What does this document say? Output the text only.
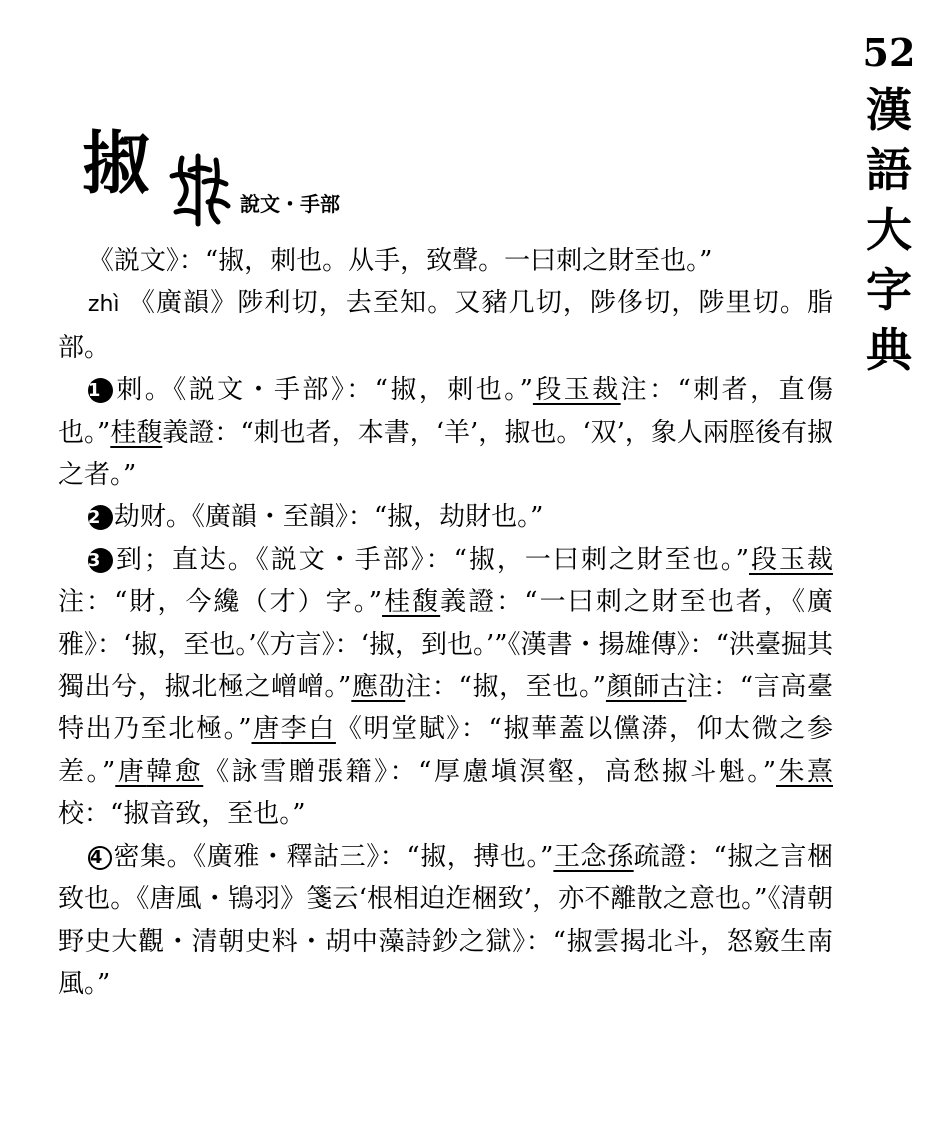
52
漢
語
大
字
典
掓	說文・手部

《説文》：“掓，刺也。从手，致聲。一曰刺之財至也。”

zhì 《廣韻》陟利切，去至知。又豬几切，陟侈切，陟里切。脂部。

1 刺。《説文・手部》：“掓，刺也。”段玉裁注：“刺者，直傷也。”桂馥義證：“刺也者，本書，‘羊’，掓也。‘双’，象人兩脛後有掓之者。”

2 劫财。《廣韻・至韻》：“掓，劫財也。”

3 到；直达。《説文・手部》：“掓，一曰刺之財至也。”段玉裁注：“財，今纔（才）字。”桂馥義證：“一曰刺之財至也者，《廣雅》：‘掓，至也。’《方言》：‘掓，到也。’”《漢書・揚雄傳》：“洪臺掘其獨出兮，掓北極之嶒嶒。”應劭注：“掓，至也。”顏師古注：“言高臺特出乃至北極。”唐李白《明堂賦》：“掓華蓋以儻漭，仰太微之参差。”唐韓愈《詠雪贈張籍》：“厚慮塡溟壑，高愁掓斗魁。”朱熹校：“掓音致，至也。”

4 密集。《廣雅・釋詁三》：“掓，搏也。”王念孫疏證：“掓之言梱致也。《唐風・鴇羽》箋云‘根相迫迮梱致’，亦不離散之意也。”《清朝野史大觀・清朝史料・胡中藻詩鈔之獄》：“掓雲揭北斗，怒竅生南風。”
